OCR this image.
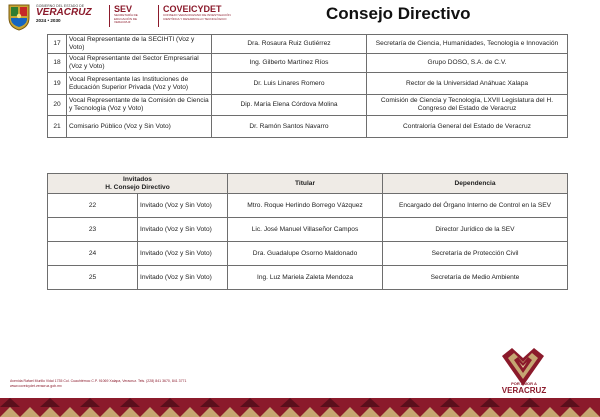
GOBIERNO DEL ESTADO DE
VERACRUZ
2024 • 2030
SEV
SECRETARÍA DE EDUCACIÓN DE VERACRUZ
COVEICYDET
CONSEJO VERACRUZANO DE INVESTIGACIÓN CIENTÍFICA Y DESARROLLO TECNOLÓGICO	Consejo Directivo
17	Vocal Representante de la SECIHTI (Voz y Voto)	Dra. Rosaura Ruiz Gutiérrez	Secretaría de Ciencia, Humanidades, Tecnología e Innovación
18	Vocal Representante del Sector Empresarial (Voz y Voto)	Ing. Gilberto Martínez Ríos	Grupo DOSO, S.A. de C.V.
19	Vocal Representante las Instituciones de Educación Superior Privada (Voz y Voto)	Dr. Luis Linares Romero	Rector de la Universidad Anáhuac Xalapa
20	Vocal Representante de la Comisión de Ciencia y Tecnología (Voz y Voto)	Dip. María Elena Córdova Molina	Comisión de Ciencia y Tecnología, LXVII Legislatura del H. Congreso del Estado de Veracruz
21	Comisario Público (Voz y Sin Voto)	Dr. Ramón Santos Navarro	Contraloría General del Estado de Veracruz
Invitados
H. Consejo Directivo		Titular	Dependencia
22	Invitado (Voz y Sin Voto)	Mtro. Roque Herlindo Borrego Vázquez	Encargado del Órgano Interno de Control en la SEV
23	Invitado (Voz y Sin Voto)	Lic. José Manuel Villaseñor Campos	Director Jurídico de la SEV
24	Invitado (Voz y Sin Voto)	Dra. Guadalupe Osorno Maldonado	Secretaría de Protección Civil
25	Invitado (Voz y Sin Voto)	Ing. Luz Mariela Zaleta Mendoza	Secretaría de Medio Ambiente
POR AMOR A
VERACRUZ
Avenida Rafael Murillo Vidal 1735 Col. Cuauhtémoc C.P. 91069 Xalapa, Veracruz. Tels. (228) 841 3670, 841 3771
www.coveicydet.veracruz.gob.mx
